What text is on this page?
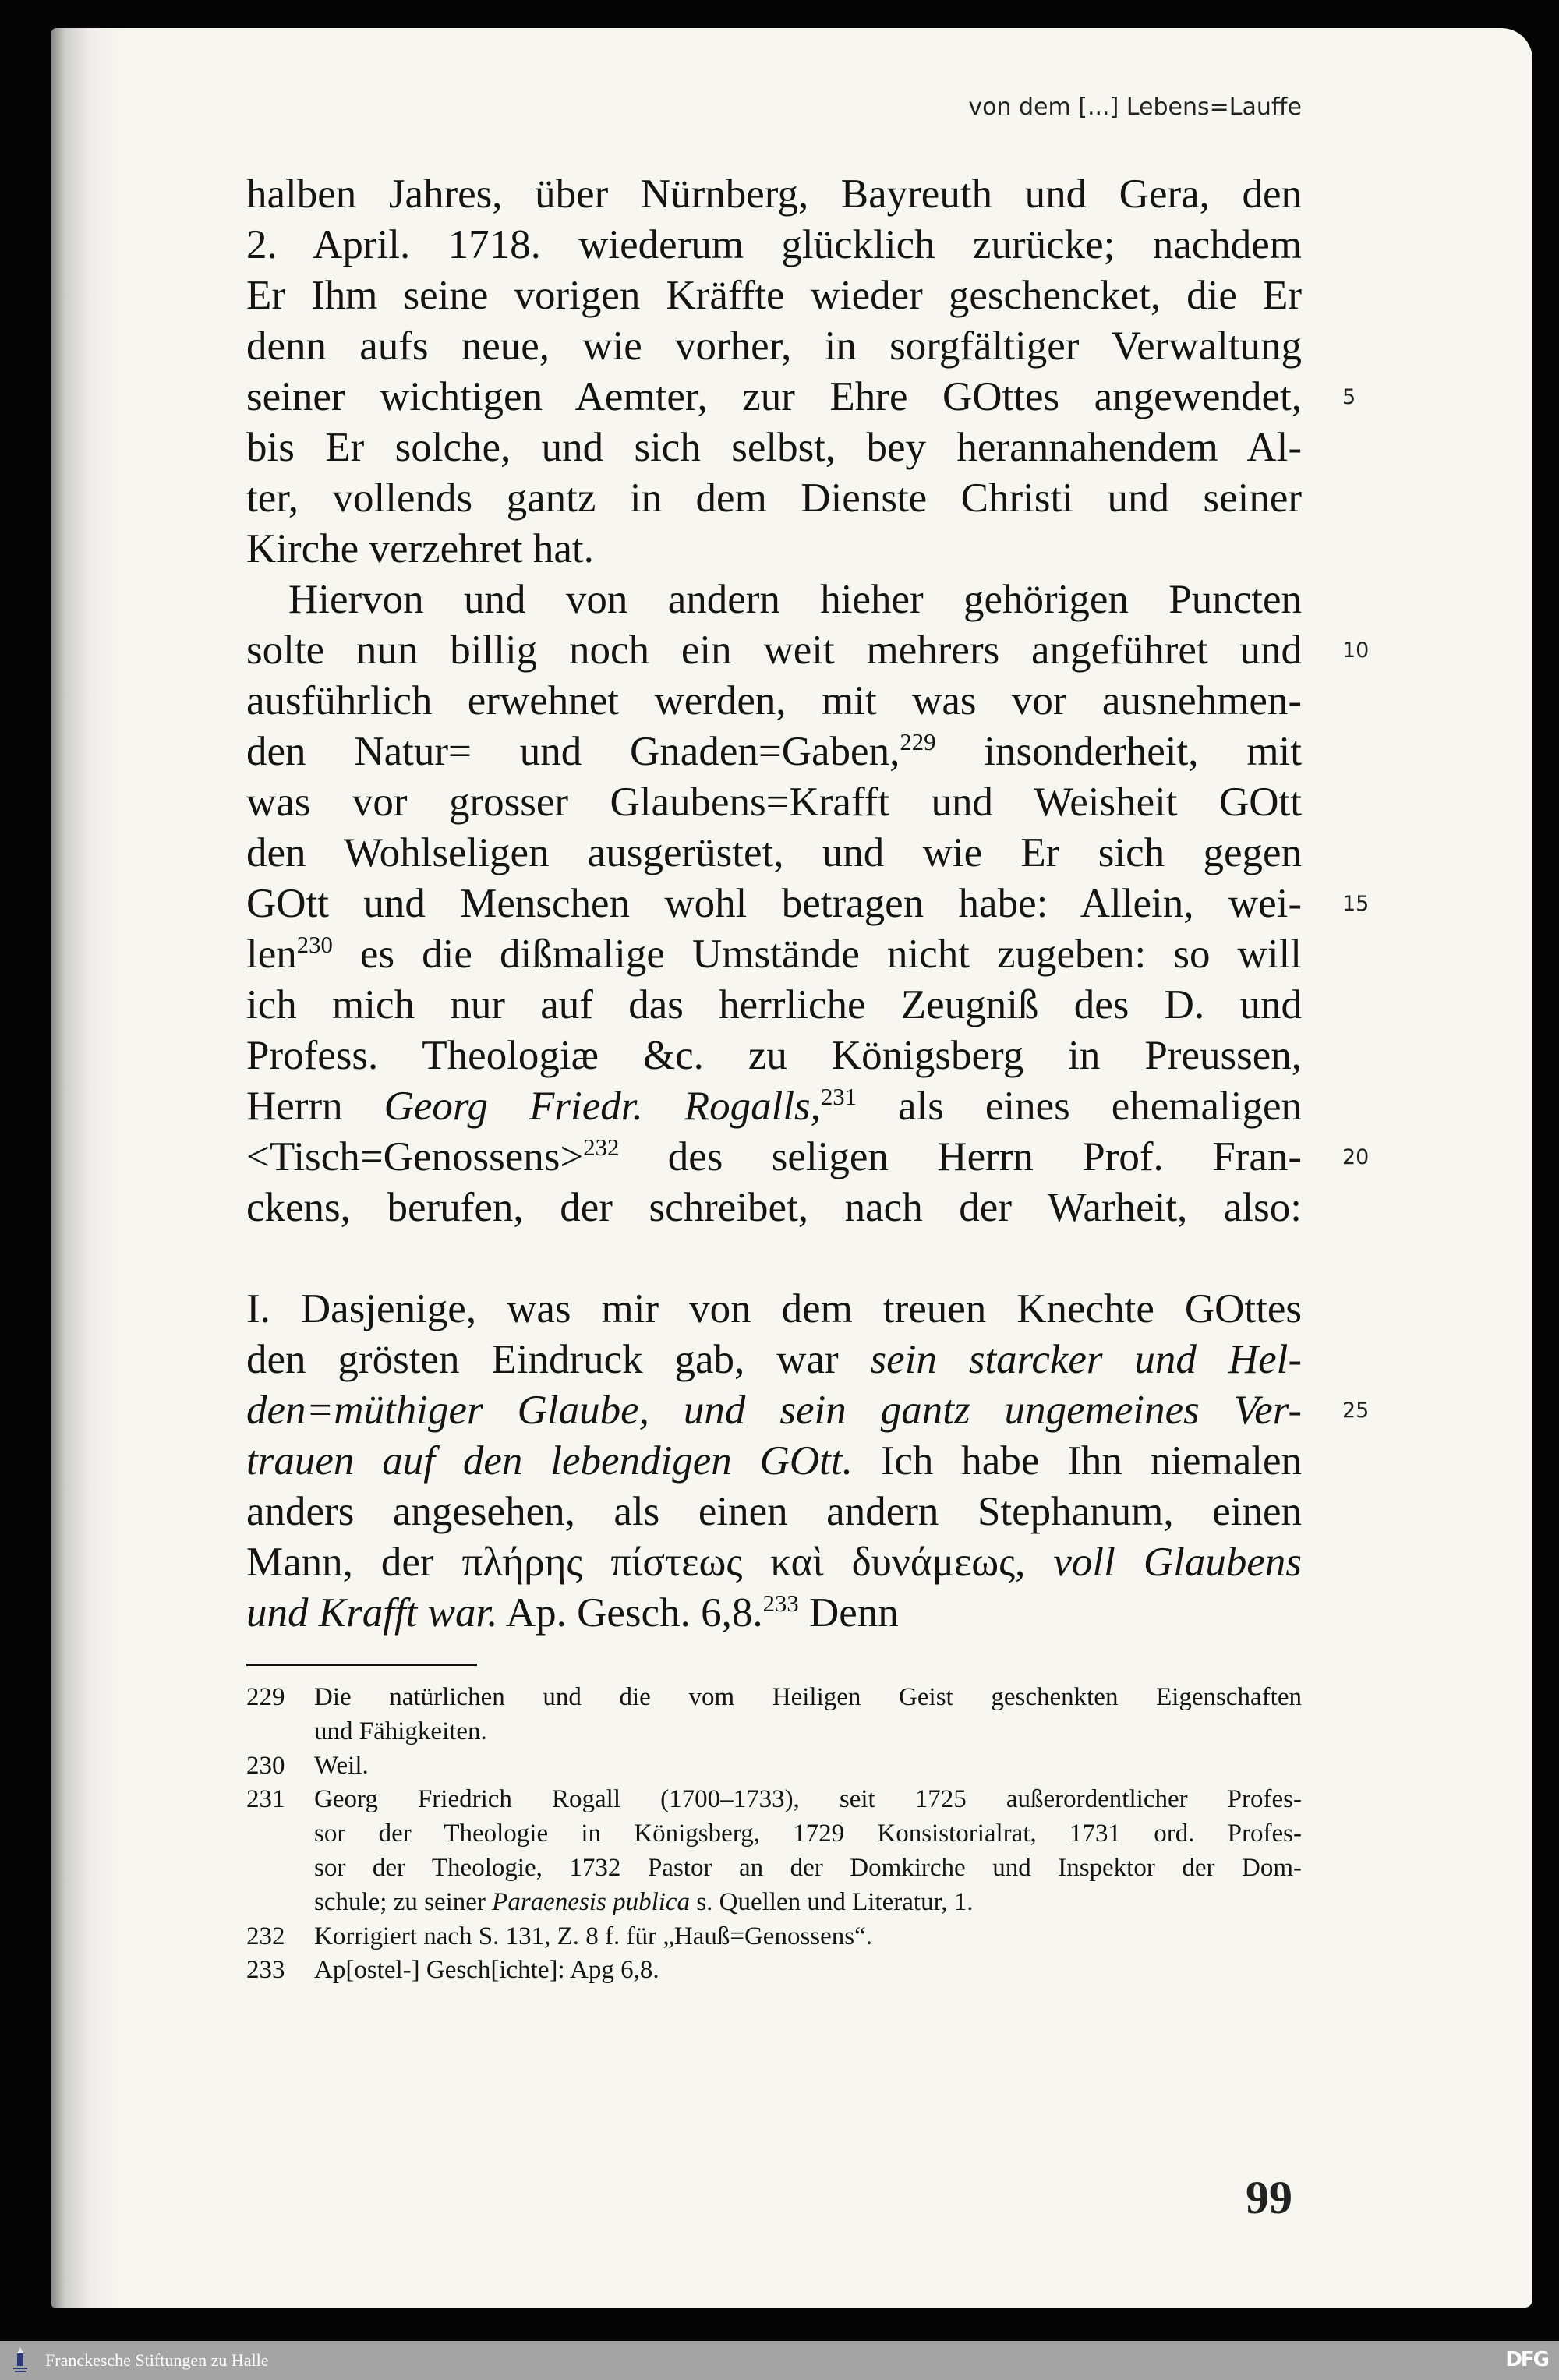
von dem [...] Lebens=Lauffe
halben Jahres, über Nürnberg, Bayreuth und Gera, den
2. April. 1718. wiederum glücklich zurücke; nachdem
Er Ihm seine vorigen Kräffte wieder geschencket, die Er
denn aufs neue, wie vorher, in sorgfältiger Verwaltung
seiner wichtigen Aemter, zur Ehre GOttes angewendet,
bis Er solche, und sich selbst, bey herannahendem Al-
ter, vollends gantz in dem Dienste Christi und seiner
Kirche verzehret hat.
Hiervon und von andern hieher gehörigen Puncten
solte nun billig noch ein weit mehrers angeführet und
ausführlich erwehnet werden, mit was vor ausnehmen-
den Natur= und Gnaden=Gaben,$^{229}$ insonderheit, mit
was vor grosser Glaubens=Krafft und Weisheit GOtt
den Wohlseligen ausgerüstet, und wie Er sich gegen
GOtt und Menschen wohl betragen habe: Allein, wei-
len$^{230}$ es die dißmalige Umstände nicht zugeben: so will
ich mich nur auf das herrliche Zeugniß des D. und
Profess. Theologiæ &c. zu Königsberg in Preussen,
Herrn Georg Friedr. Rogalls,$^{231}$ als eines ehemaligen
<Tisch=Genossens>$^{232}$ des seligen Herrn Prof. Fran-
ckens, berufen, der schreibet, nach der Warheit, also:
I. Dasjenige, was mir von dem treuen Knechte GOttes
den grösten Eindruck gab, war sein starcker und Hel-
den=müthiger Glaube, und sein gantz ungemeines Ver-
trauen auf den lebendigen GOtt. Ich habe Ihn niemalen
anders angesehen, als einen andern Stephanum, einen
Mann, der πλήρης πίστεως καὶ δυνάμεως, voll Glaubens
und Krafft war. Ap. Gesch. 6,8.$^{233}$ Denn
5
10
15
20
25
229 Die natürlichen und die vom Heiligen Geist geschenkten Eigenschaften
und Fähigkeiten.
230 Weil.
231 Georg Friedrich Rogall (1700–1733), seit 1725 außerordentlicher Profes-
sor der Theologie in Königsberg, 1729 Konsistorialrat, 1731 ord. Profes-
sor der Theologie, 1732 Pastor an der Domkirche und Inspektor der Dom-
schule; zu seiner Paraenesis publica s. Quellen und Literatur, 1.
232 Korrigiert nach S. 131, Z. 8 f. für „Hauß=Genossens“.
233 Ap[ostel-] Gesch[ichte]: Apg 6,8.
99
Franckesche Stiftungen zu Halle	DFG
